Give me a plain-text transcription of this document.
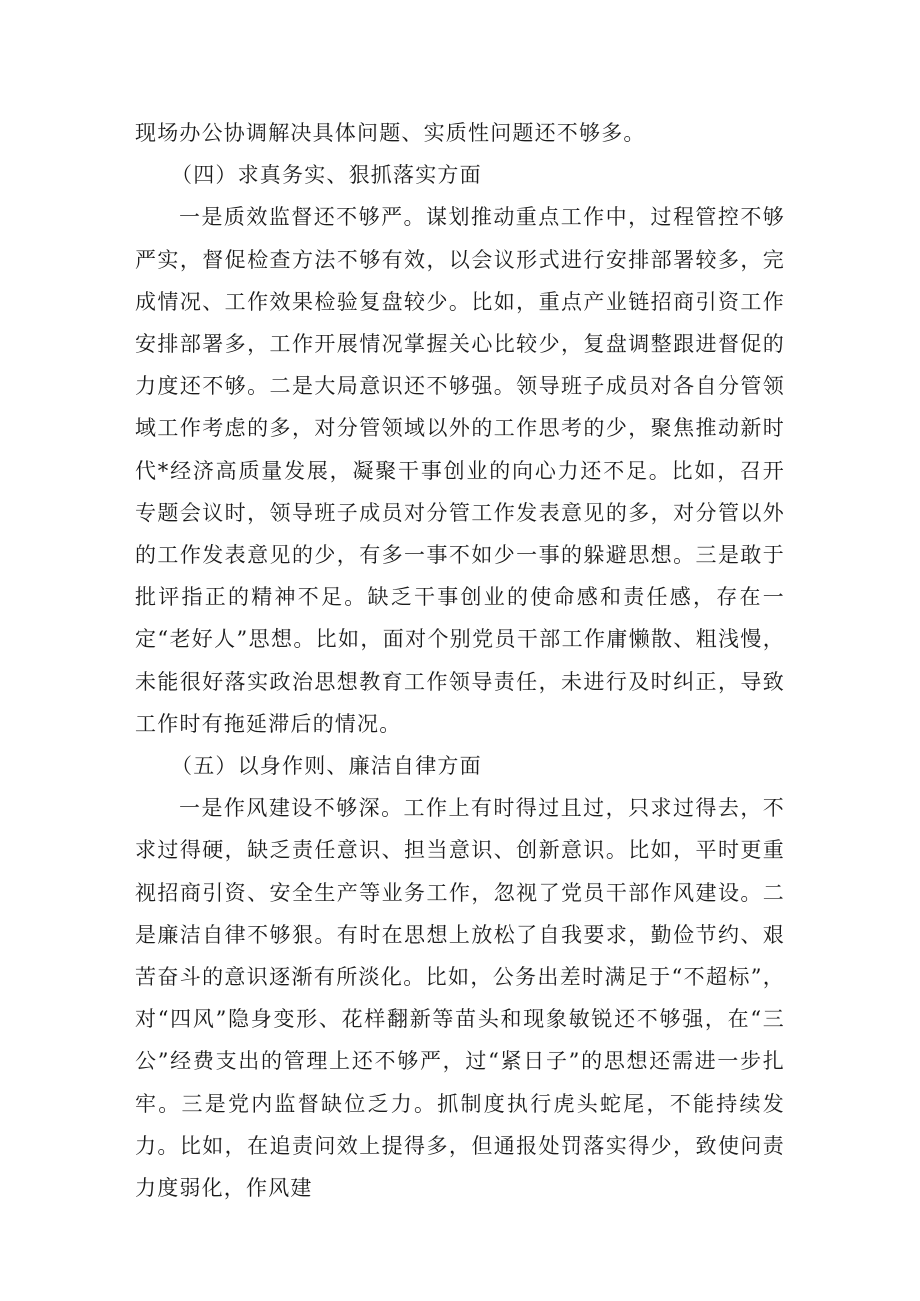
现场办公协调解决具体问题、实质性问题还不够多。

（四）求真务实、狠抓落实方面

一是质效监督还不够严。谋划推动重点工作中，过程管控不够严实，督促检查方法不够有效，以会议形式进行安排部署较多，完成情况、工作效果检验复盘较少。比如，重点产业链招商引资工作安排部署多，工作开展情况掌握关心比较少，复盘调整跟进督促的力度还不够。二是大局意识还不够强。领导班子成员对各自分管领域工作考虑的多，对分管领域以外的工作思考的少，聚焦推动新时代*经济高质量发展，凝聚干事创业的向心力还不足。比如，召开专题会议时，领导班子成员对分管工作发表意见的多，对分管以外的工作发表意见的少，有多一事不如少一事的躲避思想。三是敢于批评指正的精神不足。缺乏干事创业的使命感和责任感，存在一定“老好人”思想。比如，面对个别党员干部工作庸懒散、粗浅慢，未能很好落实政治思想教育工作领导责任，未进行及时纠正，导致工作时有拖延滞后的情况。

（五）以身作则、廉洁自律方面

一是作风建设不够深。工作上有时得过且过，只求过得去，不求过得硬，缺乏责任意识、担当意识、创新意识。比如，平时更重视招商引资、安全生产等业务工作，忽视了党员干部作风建设。二是廉洁自律不够狠。有时在思想上放松了自我要求，勤俭节约、艰苦奋斗的意识逐渐有所淡化。比如，公务出差时满足于“不超标”，对“四风”隐身变形、花样翻新等苗头和现象敏锐还不够强，在“三公”经费支出的管理上还不够严，过“紧日子”的思想还需进一步扎牢。三是党内监督缺位乏力。抓制度执行虎头蛇尾，不能持续发力。比如，在追责问效上提得多，但通报处罚落实得少，致使问责力度弱化，作风建
